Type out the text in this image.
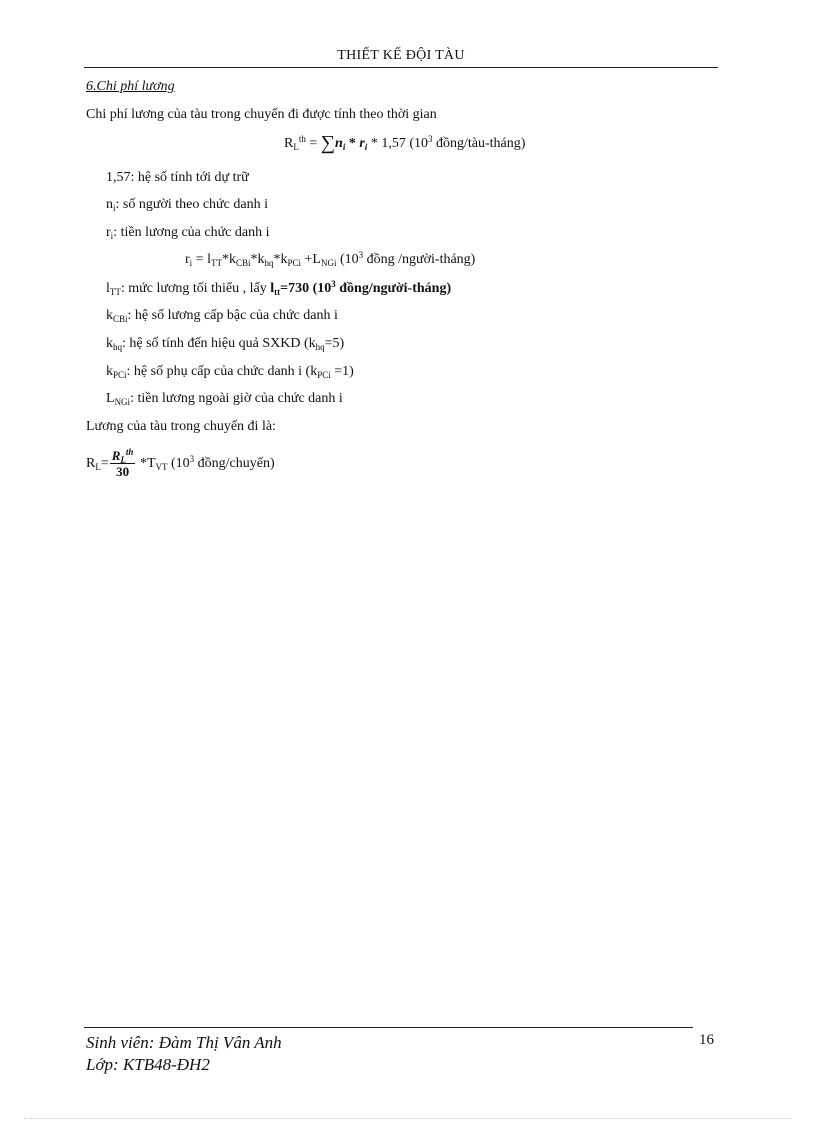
THIẾT KẾ ĐỘI TÀU
6.Chi phí lương
Chi phí lương của tàu trong chuyến đi được tính theo thời gian
$R_L^{th} = \sum n_i * r_i * 1,57$ ($10^3$ đồng/tàu-tháng)
1,57: hệ số tính tới dự trữ
$n_i$: số người theo chức danh i
$r_i$: tiền lương của chức danh i
$r_i = l_{TT}*k_{CBi}*k_{hq}*k_{PCi} +L_{NGi}$ ($10^3$ đồng /người-tháng)
$l_{TT}$: mức lương tối thiểu , lấy $l_{tt}=730$ ($10^3$ đồng/người-tháng)
$k_{CBi}$: hệ số lương cấp bậc của chức danh i
$k_{hq}$: hệ số tính đến hiệu quả SXKD $(k_{hq}=5)$
$k_{PCi}$: hệ số phụ cấp của chức danh i $(k_{PCi} =1)$
$L_{NGi}$: tiền lương ngoài giờ của chức danh i
Lương của tàu trong chuyến đi là:
$R_L= \frac{R_L^{th}}{30} *T_{VT}$ ($10^3$ đồng/chuyến)
Sinh viên: Đàm Thị Vân Anh
Lớp: KTB48-ĐH2
16
